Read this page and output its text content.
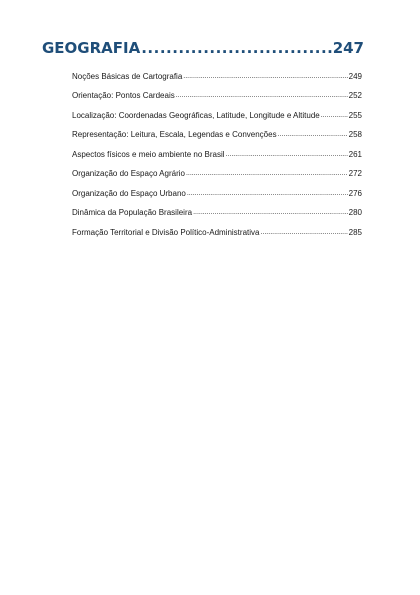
GEOGRAFIA .....	247
Noções Básicas de Cartografia .....	249
Orientação: Pontos Cardeais .....	252
Localização: Coordenadas Geográficas, Latitude, Longitude e Altitude .....	255
Representação: Leitura, Escala, Legendas e Convenções .....	258
Aspectos físicos e meio ambiente no Brasil .....	261
Organização do Espaço Agrário .....	272
Organização do Espaço Urbano .....	276
Dinâmica da População Brasileira .....	280
Formação Territorial e Divisão Político-Administrativa .....	285
